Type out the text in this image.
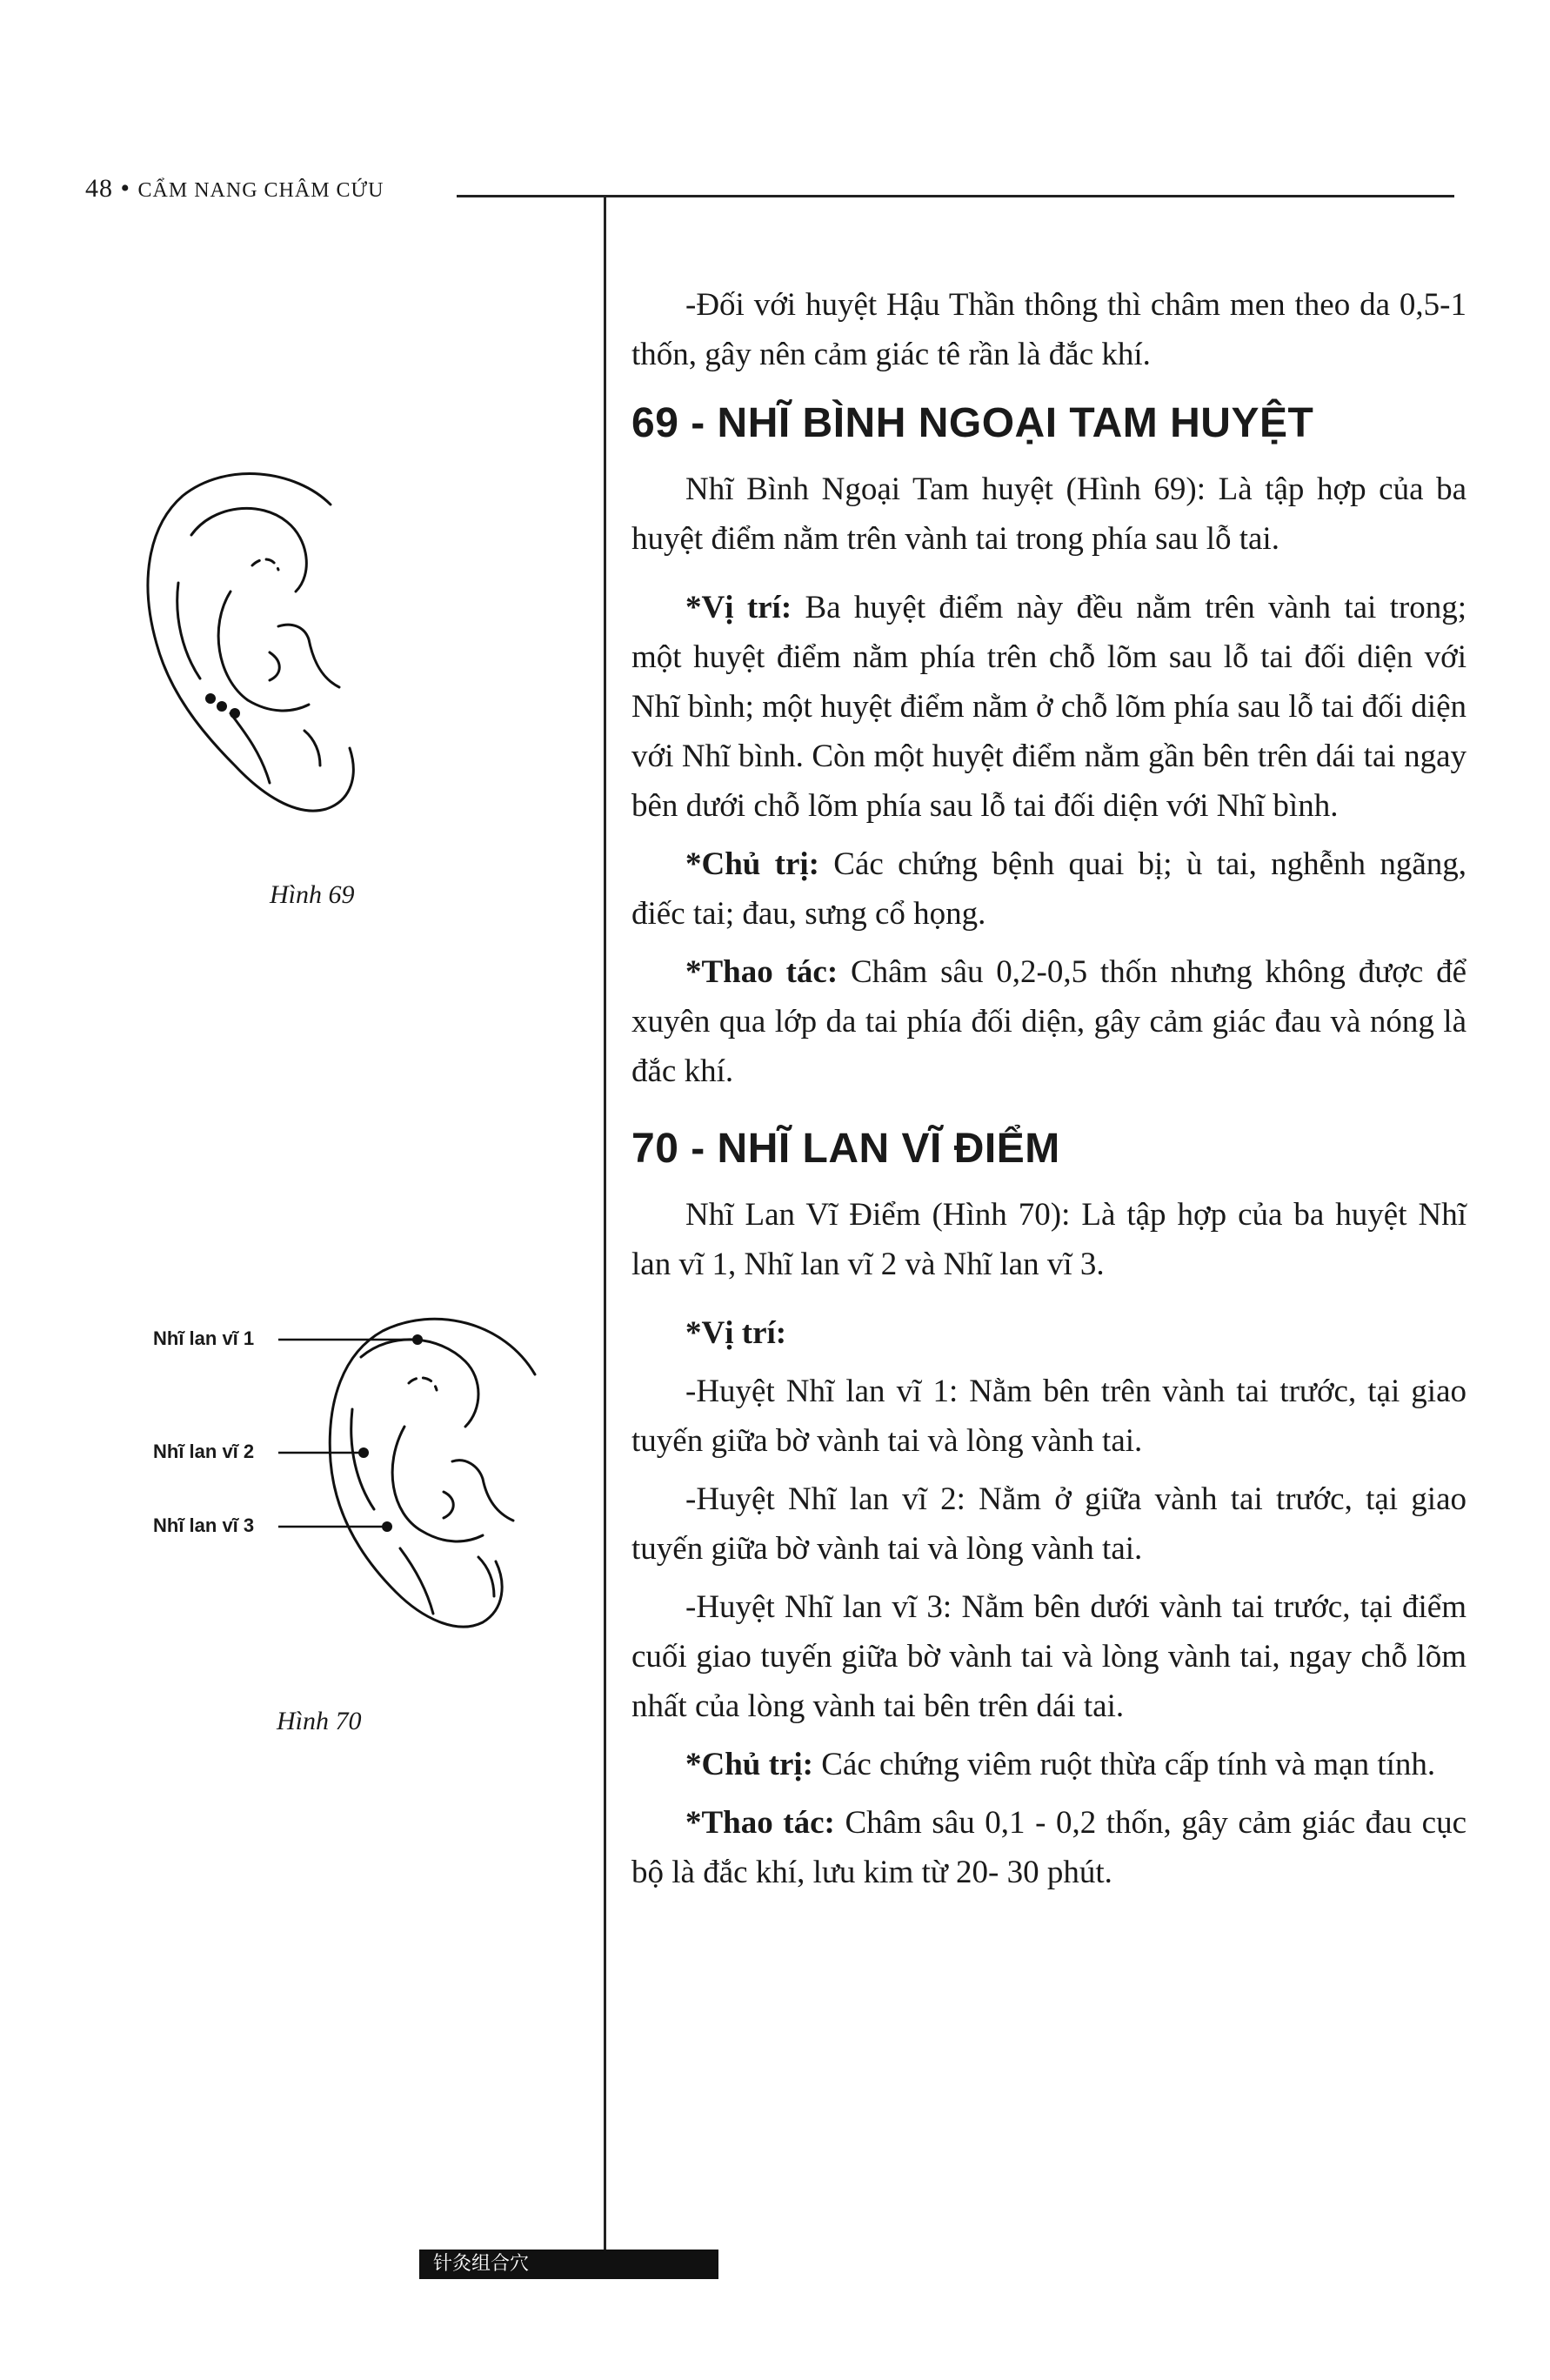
48 • CẨM NANG CHÂM CỨU
Hình 69
Nhĩ lan vĩ 1
Nhĩ lan vĩ 2
Nhĩ lan vĩ 3
Hình 70

-Đối với huyệt Hậu Thần thông thì châm men theo da 0,5-1 thốn, gây nên cảm giác tê rần là đắc khí.

69 - NHĨ BÌNH NGOẠI TAM HUYỆT

Nhĩ Bình Ngoại Tam huyệt (Hình 69): Là tập hợp của ba huyệt điểm nằm trên vành tai trong phía sau lỗ tai.

*Vị trí: Ba huyệt điểm này đều nằm trên vành tai trong; một huyệt điểm nằm phía trên chỗ lõm sau lỗ tai đối diện với Nhĩ bình; một huyệt điểm nằm ở chỗ lõm phía sau lỗ tai đối diện với Nhĩ bình. Còn một huyệt điểm nằm gần bên trên dái tai ngay bên dưới chỗ lõm phía sau lỗ tai đối diện với Nhĩ bình.

*Chủ trị: Các chứng bệnh quai bị; ù tai, nghễnh ngãng, điếc tai; đau, sưng cổ họng.

*Thao tác: Châm sâu 0,2-0,5 thốn nhưng không được để xuyên qua lớp da tai phía đối diện, gây cảm giác đau và nóng là đắc khí.

70 - NHĨ LAN VĨ ĐIỂM

Nhĩ Lan Vĩ Điểm (Hình 70): Là tập hợp của ba huyệt Nhĩ lan vĩ 1, Nhĩ lan vĩ 2 và Nhĩ lan vĩ 3.

*Vị trí:

-Huyệt Nhĩ lan vĩ 1: Nằm bên trên vành tai trước, tại giao tuyến giữa bờ vành tai và lòng vành tai.

-Huyệt Nhĩ lan vĩ 2: Nằm ở giữa vành tai trước, tại giao tuyến giữa bờ vành tai và lòng vành tai.

-Huyệt Nhĩ lan vĩ 3: Nằm bên dưới vành tai trước, tại điểm cuối giao tuyến giữa bờ vành tai và lòng vành tai, ngay chỗ lõm nhất của lòng vành tai bên trên dái tai.

*Chủ trị: Các chứng viêm ruột thừa cấp tính và mạn tính.

*Thao tác: Châm sâu 0,1 - 0,2 thốn, gây cảm giác đau cục bộ là đắc khí, lưu kim từ 20- 30 phút.

针灸组合穴
